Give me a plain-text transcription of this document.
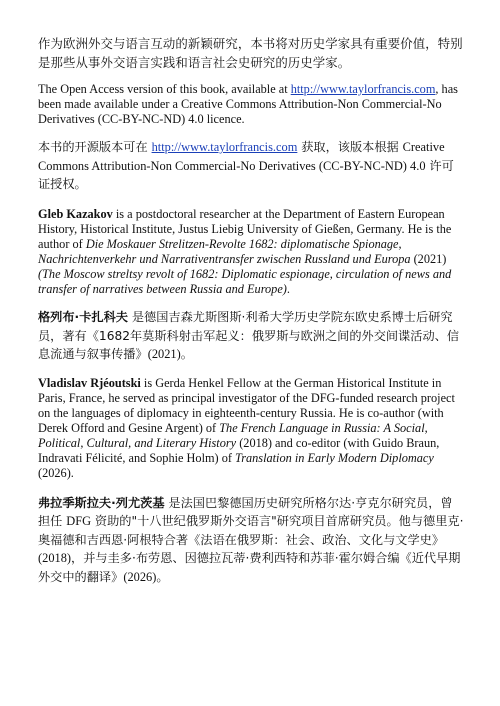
作为欧洲外交与语言互动的新颖研究，本书将对历史学家具有重要价值，特别是那些从事外交语言实践和语言社会史研究的历史学家。

The Open Access version of this book, available at http://www.taylorfrancis.com, has been made available under a Creative Commons Attribution-Non Commercial-No Derivatives (CC-BY-NC-ND) 4.0 licence.

本书的开源版本可在 http://www.taylorfrancis.com 获取，该版本根据 Creative Commons Attribution-Non Commercial-No Derivatives (CC-BY-NC-ND) 4.0 许可证授权。

Gleb Kazakov is a postdoctoral researcher at the Department of Eastern European History, Historical Institute, Justus Liebig University of Gießen, Germany. He is the author of Die Moskauer Strelitzen-Revolte 1682: diplomatische Spionage, Nachrichtenverkehr und Narrativentransfer zwischen Russland und Europa (2021) (The Moscow streltsy revolt of 1682: Diplomatic espionage, circulation of news and transfer of narratives between Russia and Europe).

格列布·卡扎科夫 是德国吉森尤斯图斯·利希大学历史学院东欧史系博士后研究员，著有《1682年莫斯科射击军起义：俄罗斯与欧洲之间的外交间谍活动、信息流通与叙事传播》(2021)。

Vladislav Rjéoutski is Gerda Henkel Fellow at the German Historical Institute in Paris, France, he served as principal investigator of the DFG-funded research project on the languages of diplomacy in eighteenth-century Russia. He is co-author (with Derek Offord and Gesine Argent) of The French Language in Russia: A Social, Political, Cultural, and Literary History (2018) and co-editor (with Guido Braun, Indravati Félicité, and Sophie Holm) of Translation in Early Modern Diplomacy (2026).

弗拉季斯拉夫·列尤茨基 是法国巴黎德国历史研究所格尔达·亨克尔研究员，曾担任 DFG 资助的"十八世纪俄罗斯外交语言"研究项目首席研究员。他与德里克·奥福德和吉西恩·阿根特合著《法语在俄罗斯：社会、政治、文化与文学史》(2018)，并与圭多·布劳恩、因德拉瓦蒂·费利西特和苏菲·霍尔姆合编《近代早期外交中的翻译》(2026)。
